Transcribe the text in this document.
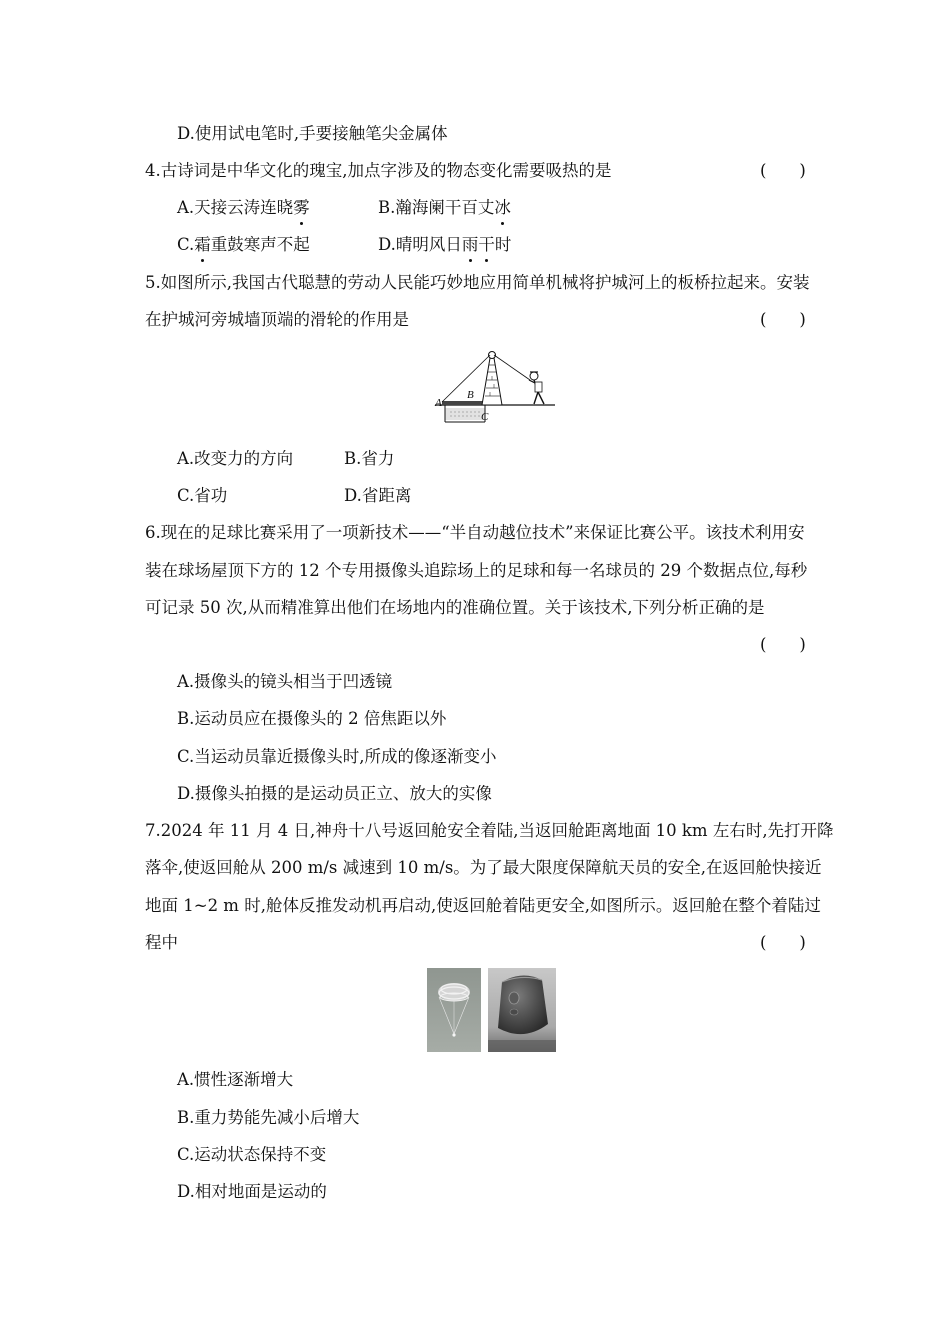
D.使用试电笔时,手要接触笔尖金属体
4.古诗词是中华文化的瑰宝,加点字涉及的物态变化需要吸热的是	(　　)
A.天接云涛连晓雾	B.瀚海阑干百丈冰
C.霜重鼓寒声不起	D.晴明风日雨干时
5.如图所示,我国古代聪慧的劳动人民能巧妙地应用简单机械将护城河上的板桥拉起来。安装
在护城河旁城墙顶端的滑轮的作用是	(　　)
A
B
C
A.改变力的方向	B.省力
C.省功	D.省距离
6.现在的足球比赛采用了一项新技术——“半自动越位技术”来保证比赛公平。该技术利用安
装在球场屋顶下方的 12 个专用摄像头追踪场上的足球和每一名球员的 29 个数据点位,每秒
可记录 50 次,从而精准算出他们在场地内的准确位置。关于该技术,下列分析正确的是
(　　)
A.摄像头的镜头相当于凹透镜
B.运动员应在摄像头的 2 倍焦距以外
C.当运动员靠近摄像头时,所成的像逐渐变小
D.摄像头拍摄的是运动员正立、放大的实像
7.2024 年 11 月 4 日,神舟十八号返回舱安全着陆,当返回舱距离地面 10 km 左右时,先打开降
落伞,使返回舱从 200 m/s 减速到 10 m/s。为了最大限度保障航天员的安全,在返回舱快接近
地面 1~2 m 时,舱体反推发动机再启动,使返回舱着陆更安全,如图所示。返回舱在整个着陆过
程中	(　　)
A.惯性逐渐增大
B.重力势能先减小后增大
C.运动状态保持不变
D.相对地面是运动的
